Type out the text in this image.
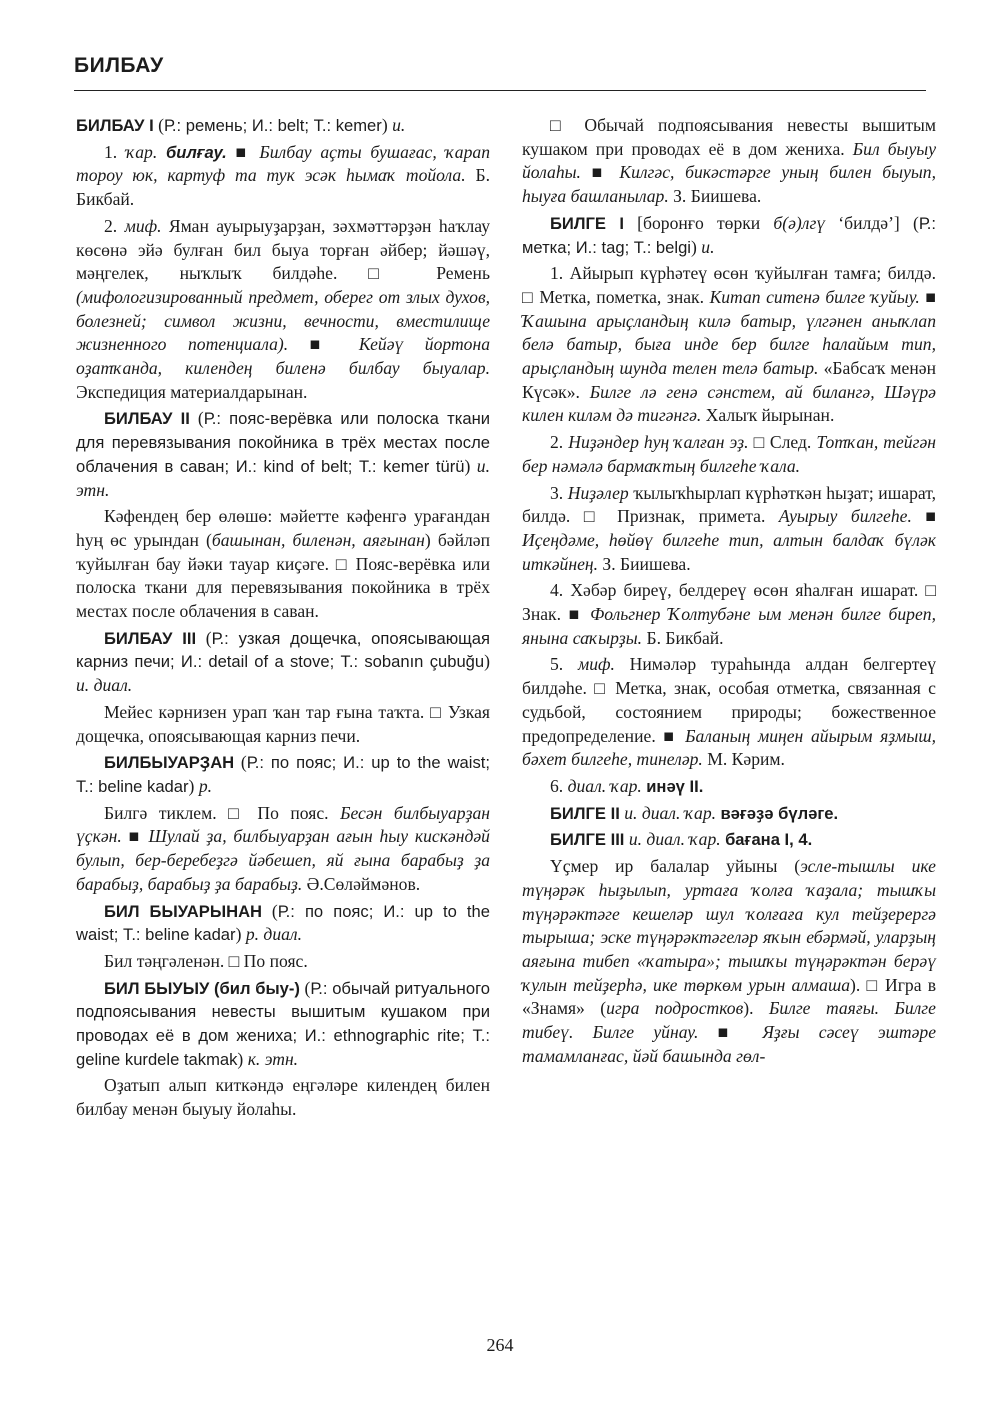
БИЛБАУ
БИЛБАУ I (Р.: ремень; И.: belt; Т.: kemer) и.
1. ҡар. билғау. ■ Билбау аҫты бушағас, ҡарап тороу юк, картуф та тук эсәк һымаҡ тойола. Б. Бикбай.
2. миф. Яман ауырыуҙарҙан, зәхмәттәрҙән һаҡлау көсөнә эйә булған бил быуа торған әйбер; йәшәү, мәңгелек, ныҡлыҡ билдәһе. □ Ремень (мифологизированный предмет, оберег от злых духов, болезней; символ жизни, вечности, вместилище жизненного потенциала). ■ Кейәү йортона оҙатҡанда, килендең биленә билбау быуалар. Экспедиция материалдарынан.
БИЛБАУ II (Р.: пояс-верёвка или полоска ткани для перевязывания покойника в трёх местах после облачения в саван; И.: kind of belt; Т.: kemer türü) и. этн.
Кәфендең бер өлөшө: мәйетте кәфенгә урағандан һуң өс урындан (башынан, биленән, аяғынан) бәйләп ҡуйылған бау йәки тауар киҫәге. □ Пояс-верёвка или полоска ткани для перевязывания покойника в трёх местах после облачения в саван.
БИЛБАУ III (Р.: узкая дощечка, опоясывающая карниз печи; И.: detail of a stove; Т.: sobanın çubuğu) и. диал.
Мейес кәрнизен урап ҡан тар ғына таҡта. □ Узкая дощечка, опоясывающая карниз печи.
БИЛБЫУАРҘАН (Р.: по пояс; И.: up to the waist; Т.: beline kadar) р.
Билгә тиклем. □ По пояс. Бесән билбыуарҙан үҫкән. ■ Шулай ҙа, билбыуарҙан ағын һыу кискәндәй булып, бер-беребеҙгә йәбешеп, яй ғына барабыҙ ҙа барабыҙ, барабыҙ ҙа барабыҙ. Ә.Сөләймәнов.
БИЛ БЫУАРЫНАН (Р.: по пояс; И.: up to the waist; Т.: beline kadar) р. диал.
Бил тәңгәленән. □ По пояс.
БИЛ БЫУЫУ (бил быу-) (Р.: обычай ритуального подпоясывания невесты вышитым кушаком при проводах её в дом жениха; И.: ethnographic rite; Т.: geline kurdele takmak) к. этн.
Оҙатып алып киткәндә еңгәләре килендең билен билбау менән быуыу йолаһы.
□ Обычай подпоясывания невесты вышитым кушаком при проводах её в дом жениха. Бил быуыу йолаһы. ■ Килгәс, бикәстәрге уның билен быуып, һыуға башланылар. З. Биишева.
БИЛГЕ I [боронғо төрки б(ә)лгү ‘билдә’] (Р.: метка; И.: tag; Т.: belgi) и.
1. Айырып күрһәтеү өсөн ҡуйылған тамға; билдә. □ Метка, пометка, знак. Китап ситенә билге ҡуйыу. ■ Ҡашына арыҫландың килә батыр, үлгәнен аныҡлап белә батыр, быға инде бер билге һалайым тип, арыҫландың шунда телен телә батыр. «Бабсаҡ менән Күсәк». Билге лә генә сәнстем, ай билангә, Шәүрә килен киләм дә тигәнгә. Халыҡ йырынан.
2. Ниҙәндер һуң ҡалған эҙ. □ След. Тотҡан, тейгән бер нәмәлә бармаҡтың билгеһе ҡала.
3. Ниҙәлер ҡылыҡһырлап күрһәткән һыҙат; ишарат, билдә. □ Признак, примета. Ауырыу билгеһе. ■ Иҫеңдәме, һөйөү билгеһе тип, алтын балдаҡ бүләк иткәйнең. З. Биишева.
4. Хәбәр биреү, белдереү өсөн яһалған ишарат. □ Знак. ■ Фольгнер Ҡолтубәне ым менән билге биреп, янына саҡырҙы. Б. Бикбай.
5. миф. Нимәләр тураһында алдан белгертеү билдәһе. □ Метка, знак, особая отметка, связанная с судьбой, состоянием природы; божественное предопределение. ■ Баланың миңен айырым яҙмыш, бәхет билгеһе, тинеләр. М. Кәрим.
6. диал. ҡар. инәү II.
БИЛГЕ II и. диал. ҡар. вәғәҙә бүләге.
БИЛГЕ III и. диал. ҡар. бағана I, 4.
Үҫмер ир балалар уйыны (эсле-тышлы ике түңәрәк һыҙылып, уртаға ҡолға ҡаҙала; тышҡы түңәрәктәге кешеләр шул ҡолғаға кул тейҙерергә тырыша; эске түңәрәктәгеләр яҡын ебәрмәй, уларҙың аяғына тибеп «ҡатыра»; тышҡы түңәрәктән берәү ҡулын тейҙерһә, ике төркөм урын алмаша). □ Игра в «Знамя» (игра подростков). Билге таяғы. Билге тибеү. Билге уйнау. ■ Яҙғы сәсеү эштәре тамамланғас, йәй башында гөл-
264
